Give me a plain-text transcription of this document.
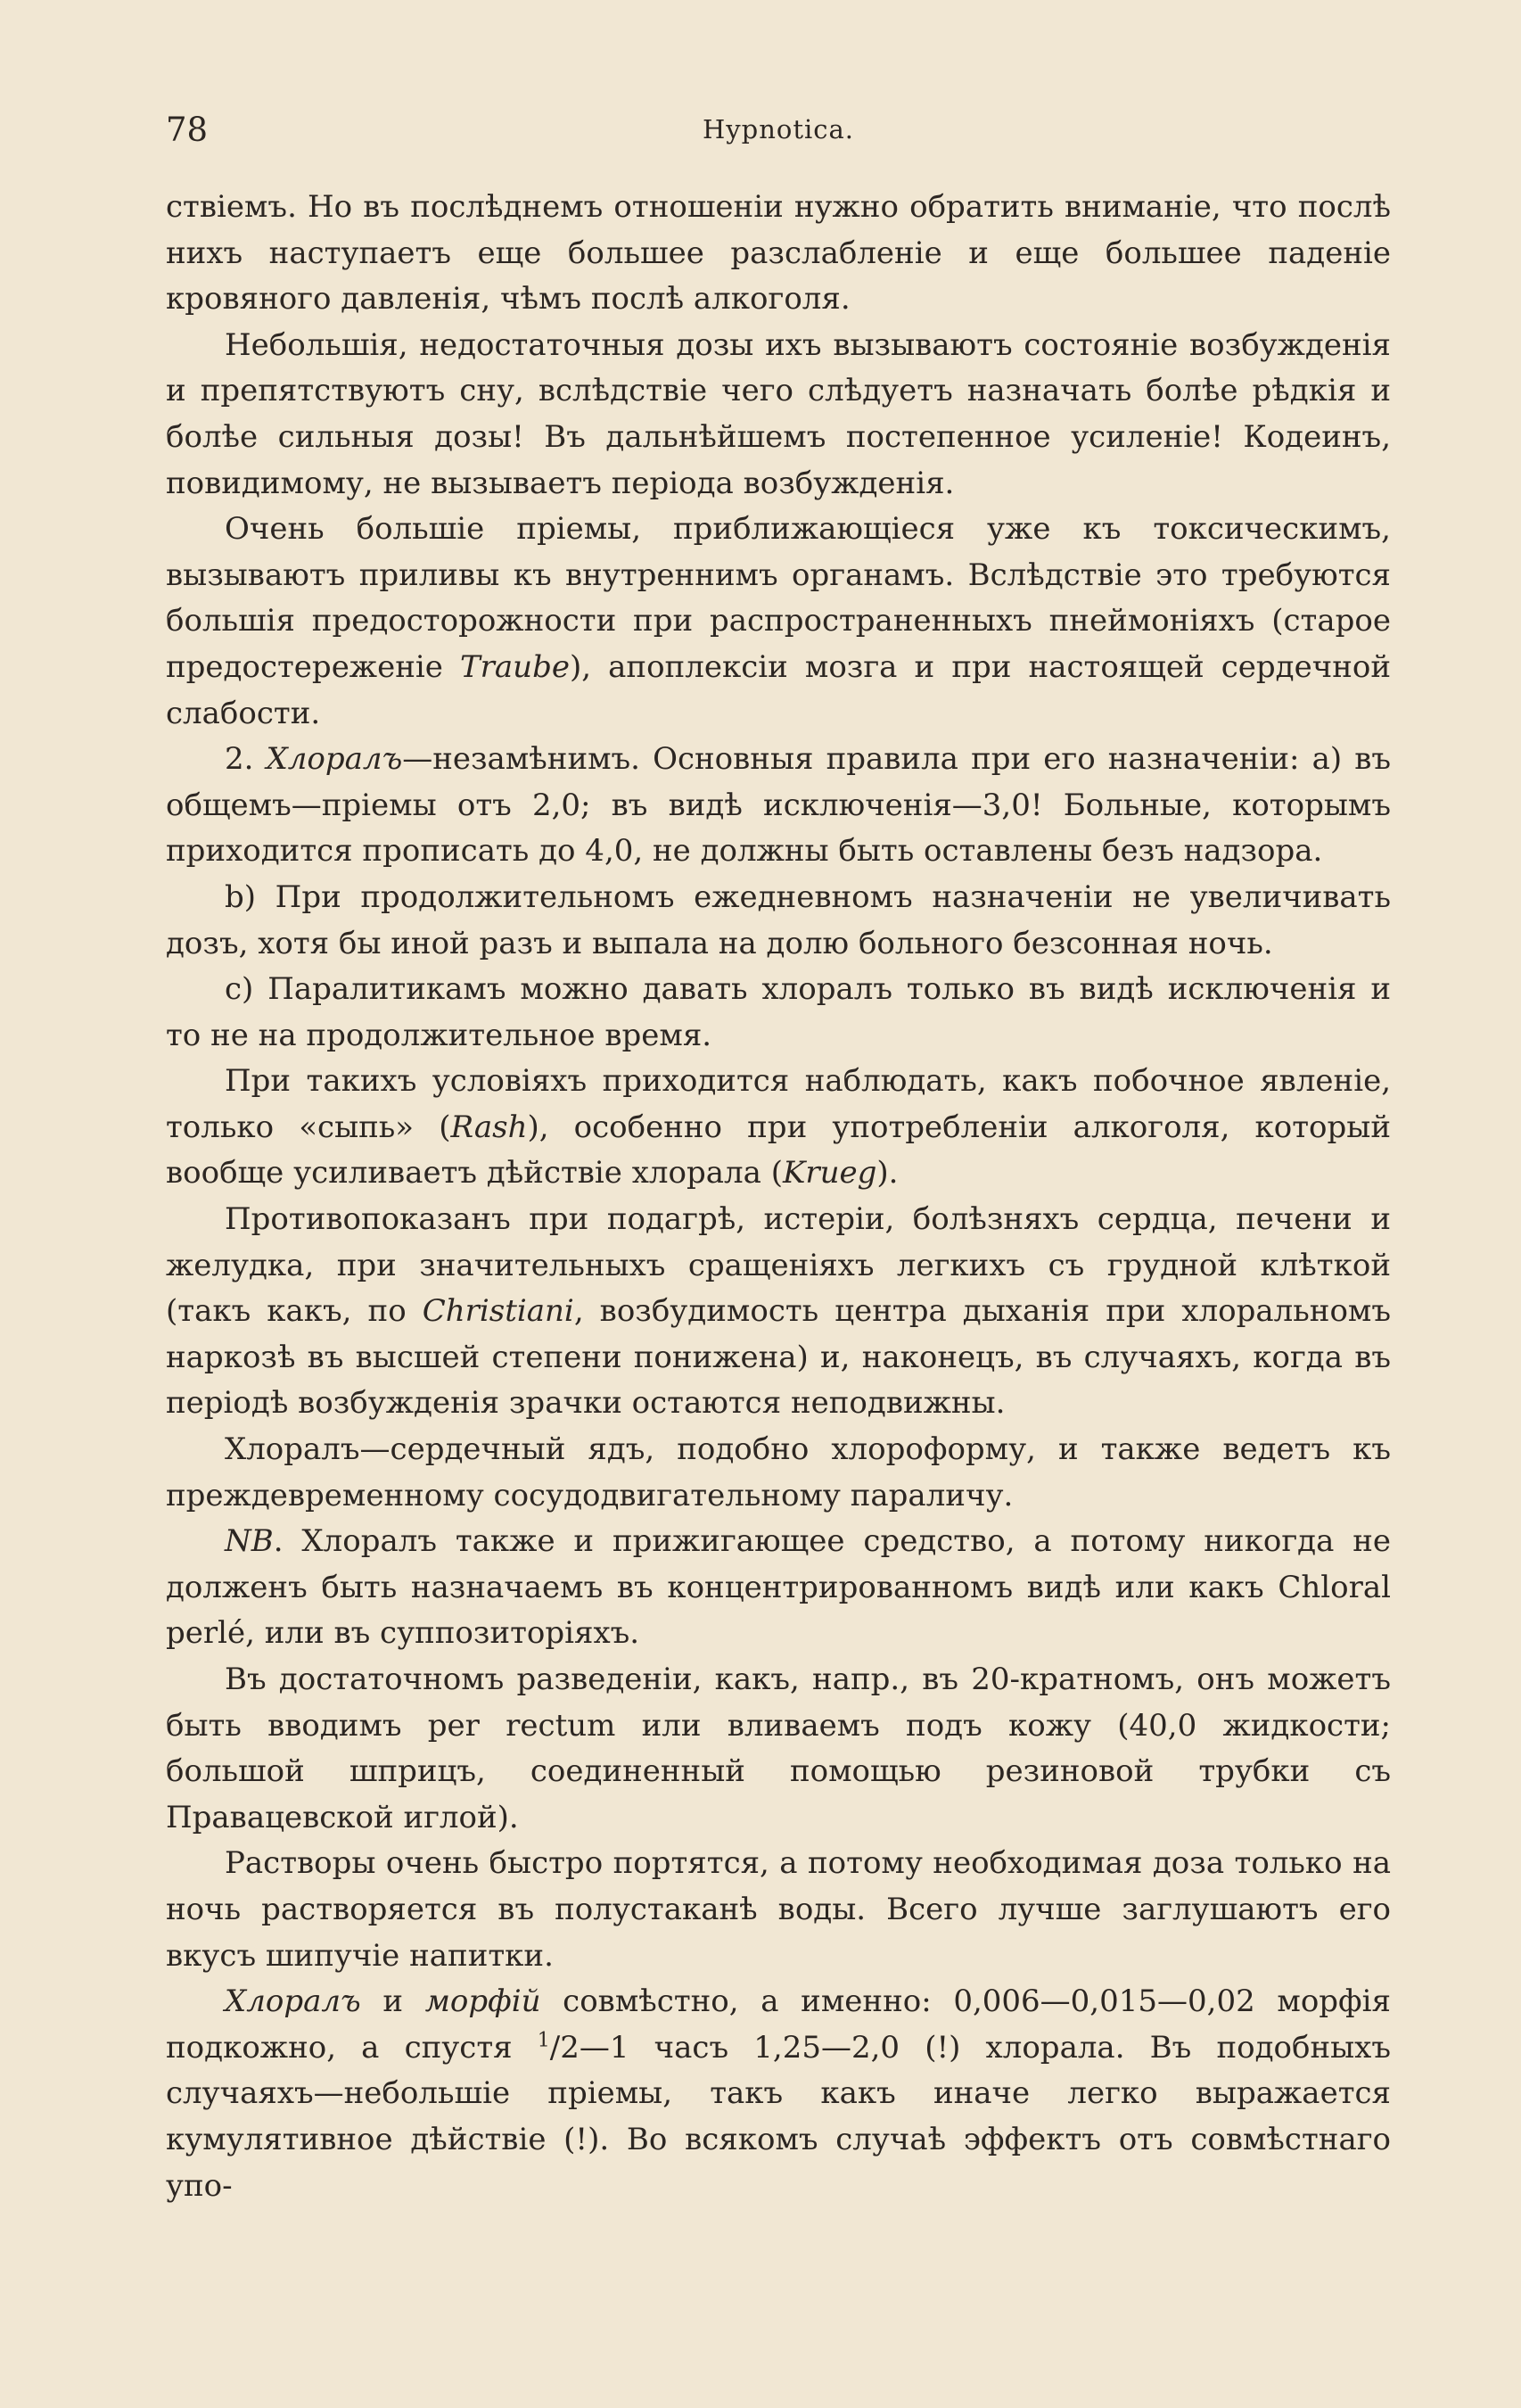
78	Hypnotica.

ствіемъ. Но въ послѣднемъ отношеніи нужно обратить вниманіе, что послѣ нихъ наступаетъ еще большее разслабленіе и еще большее паденіе кровяного давленія, чѣмъ послѣ алкоголя.

Небольшія, недостаточныя дозы ихъ вызываютъ состояніе возбужденія и препятствуютъ сну, вслѣдствіе чего слѣдуетъ назначать болѣе рѣдкія и болѣе сильныя дозы! Въ дальнѣйшемъ постепенное усиленіе! Кодеинъ, повидимому, не вызываетъ періода возбужденія.

Очень большіе пріемы, приближающіеся уже къ токсическимъ, вызываютъ приливы къ внутреннимъ органамъ. Вслѣдствіе это требуются большія предосторожности при распространенныхъ пнеймоніяхъ (старое предостереженіе Traube), апоплексіи мозга и при настоящей сердечной слабости.

2. Хлоралъ—незамѣнимъ. Основныя правила при его назначеніи: а) въ общемъ—пріемы отъ 2,0; въ видѣ исключенія—3,0! Больные, которымъ приходится прописать до 4,0, не должны быть оставлены безъ надзора.

b) При продолжительномъ ежедневномъ назначеніи не увеличивать дозъ, хотя бы иной разъ и выпала на долю больного безсонная ночь.

c) Паралитикамъ можно давать хлоралъ только въ видѣ исключенія и то не на продолжительное время.

При такихъ условіяхъ приходится наблюдать, какъ побочное явленіе, только «сыпь» (Rash), особенно при употребленіи алкоголя, который вообще усиливаетъ дѣйствіе хлорала (Krueg).

Противопоказанъ при подагрѣ, истеріи, болѣзняхъ сердца, печени и желудка, при значительныхъ сращеніяхъ легкихъ съ грудной клѣткой (такъ какъ, по Christiani, возбудимость центра дыханія при хлоральномъ наркозѣ въ высшей степени понижена) и, наконецъ, въ случаяхъ, когда въ періодѣ возбужденія зрачки остаются неподвижны.

Хлоралъ—сердечный ядъ, подобно хлороформу, и также ведетъ къ преждевременному сосудодвигательному параличу.

NB. Хлоралъ также и прижигающее средство, а потому никогда не долженъ быть назначаемъ въ концентрированномъ видѣ или какъ Chloral perlé, или въ суппозиторіяхъ.

Въ достаточномъ разведеніи, какъ, напр., въ 20-кратномъ, онъ можетъ быть вводимъ per rectum или вливаемъ подъ кожу (40,0 жидкости; большой шприцъ, соединенный помощью резиновой трубки съ Правацевской иглой).

Растворы очень быстро портятся, а потому необходимая доза только на ночь растворяется въ полустаканѣ воды. Всего лучше заглушаютъ его вкусъ шипучіе напитки.

Хлоралъ и морфій совмѣстно, а именно: 0,006—0,015—0,02 морфія подкожно, а спустя $^1$/2—1 часъ 1,25—2,0 (!) хлорала. Въ подобныхъ случаяхъ—небольшіе пріемы, такъ какъ иначе легко выражается кумулятивное дѣйствіе (!). Во всякомъ случаѣ эффектъ отъ совмѣстнаго упо-
